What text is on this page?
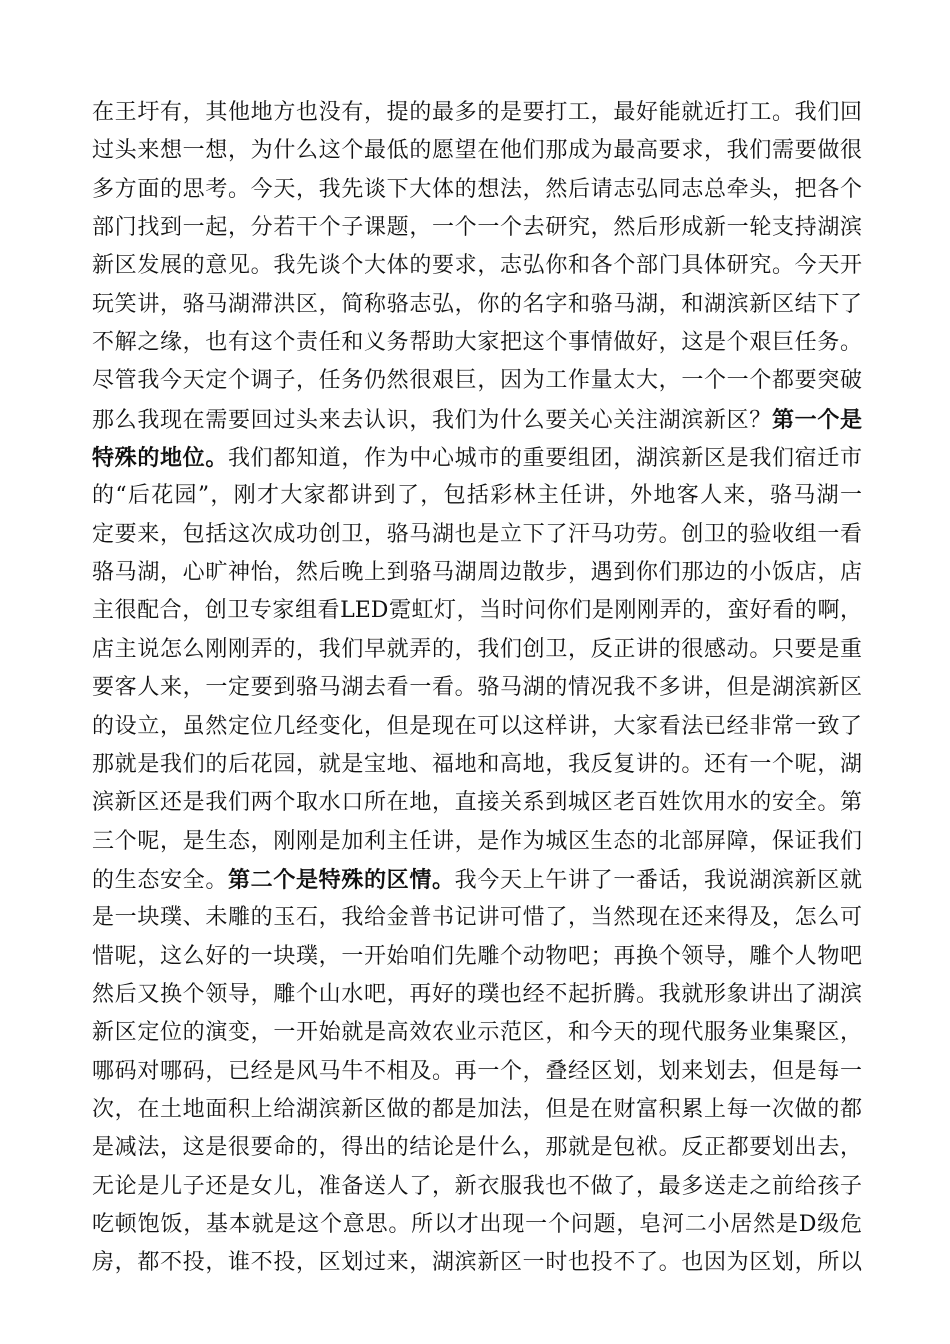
在王圩有，其他地方也没有，提的最多的是要打工，最好能就近打工。我们回
过头来想一想，为什么这个最低的愿望在他们那成为最高要求，我们需要做很
多方面的思考。今天，我先谈下大体的想法，然后请志弘同志总牵头，把各个
部门找到一起，分若干个子课题，一个一个去研究，然后形成新一轮支持湖滨
新区发展的意见。我先谈个大体的要求，志弘你和各个部门具体研究。今天开
玩笑讲，骆马湖滞洪区，简称骆志弘，你的名字和骆马湖，和湖滨新区结下了
不解之缘，也有这个责任和义务帮助大家把这个事情做好，这是个艰巨任务。
尽管我今天定个调子，任务仍然很艰巨，因为工作量太大，一个一个都要突破
那么我现在需要回过头来去认识，我们为什么要关心关注湖滨新区？第一个是
特殊的地位。我们都知道，作为中心城市的重要组团，湖滨新区是我们宿迁市
的“后花园”，刚才大家都讲到了，包括彩林主任讲，外地客人来，骆马湖一
定要来，包括这次成功创卫，骆马湖也是立下了汗马功劳。创卫的验收组一看
骆马湖，心旷神怡，然后晚上到骆马湖周边散步，遇到你们那边的小饭店，店
主很配合，创卫专家组看LED霓虹灯，当时问你们是刚刚弄的，蛮好看的啊，
店主说怎么刚刚弄的，我们早就弄的，我们创卫，反正讲的很感动。只要是重
要客人来，一定要到骆马湖去看一看。骆马湖的情况我不多讲，但是湖滨新区
的设立，虽然定位几经变化，但是现在可以这样讲，大家看法已经非常一致了
那就是我们的后花园，就是宝地、福地和高地，我反复讲的。还有一个呢，湖
滨新区还是我们两个取水口所在地，直接关系到城区老百姓饮用水的安全。第
三个呢，是生态，刚刚是加利主任讲，是作为城区生态的北部屏障，保证我们
的生态安全。第二个是特殊的区情。我今天上午讲了一番话，我说湖滨新区就
是一块璞、未雕的玉石，我给金普书记讲可惜了，当然现在还来得及，怎么可
惜呢，这么好的一块璞，一开始咱们先雕个动物吧；再换个领导，雕个人物吧
然后又换个领导，雕个山水吧，再好的璞也经不起折腾。我就形象讲出了湖滨
新区定位的演变，一开始就是高效农业示范区，和今天的现代服务业集聚区，
哪码对哪码，已经是风马牛不相及。再一个，叠经区划，划来划去，但是每一
次，在土地面积上给湖滨新区做的都是加法，但是在财富积累上每一次做的都
是减法，这是很要命的，得出的结论是什么，那就是包袱。反正都要划出去，
无论是儿子还是女儿，准备送人了，新衣服我也不做了，最多送走之前给孩子
吃顿饱饭，基本就是这个意思。所以才出现一个问题，皂河二小居然是D级危
房，都不投，谁不投，区划过来，湖滨新区一时也投不了。也因为区划，所以
